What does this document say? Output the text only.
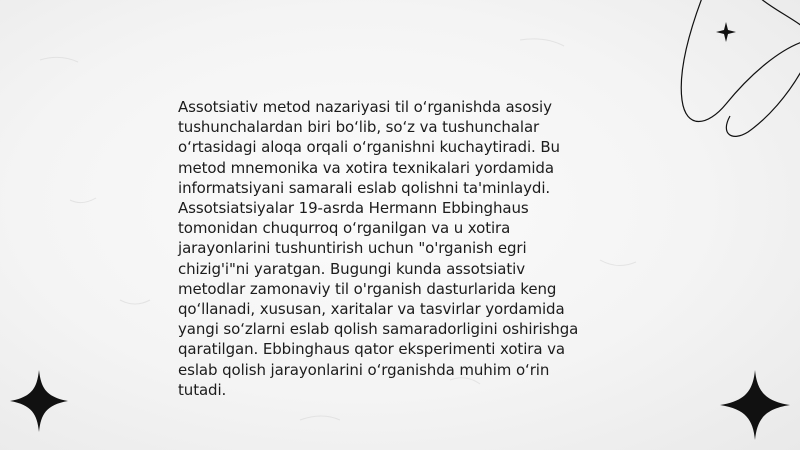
Assotsiativ metod nazariyasi til o‘rganishda asosiy
tushunchalardan biri bo‘lib, so‘z va tushunchalar
o‘rtasidagi aloqa orqali o‘rganishni kuchaytiradi. Bu
metod mnemonika va xotira texnikalari yordamida
informatsiyani samarali eslab qolishni ta'minlaydi.
Assotsiatsiyalar 19-asrda Hermann Ebbinghaus
tomonidan chuqurroq o‘rganilgan va u xotira
jarayonlarini tushuntirish uchun "o'rganish egri
chizig'i"ni yaratgan. Bugungi kunda assotsiativ
metodlar zamonaviy til o'rganish dasturlarida keng
qo‘llanadi, xususan, xaritalar va tasvirlar yordamida
yangi so‘zlarni eslab qolish samaradorligini oshirishga
qaratilgan. Ebbinghaus qator eksperimenti xotira va
eslab qolish jarayonlarini o‘rganishda muhim o‘rin
tutadi.
